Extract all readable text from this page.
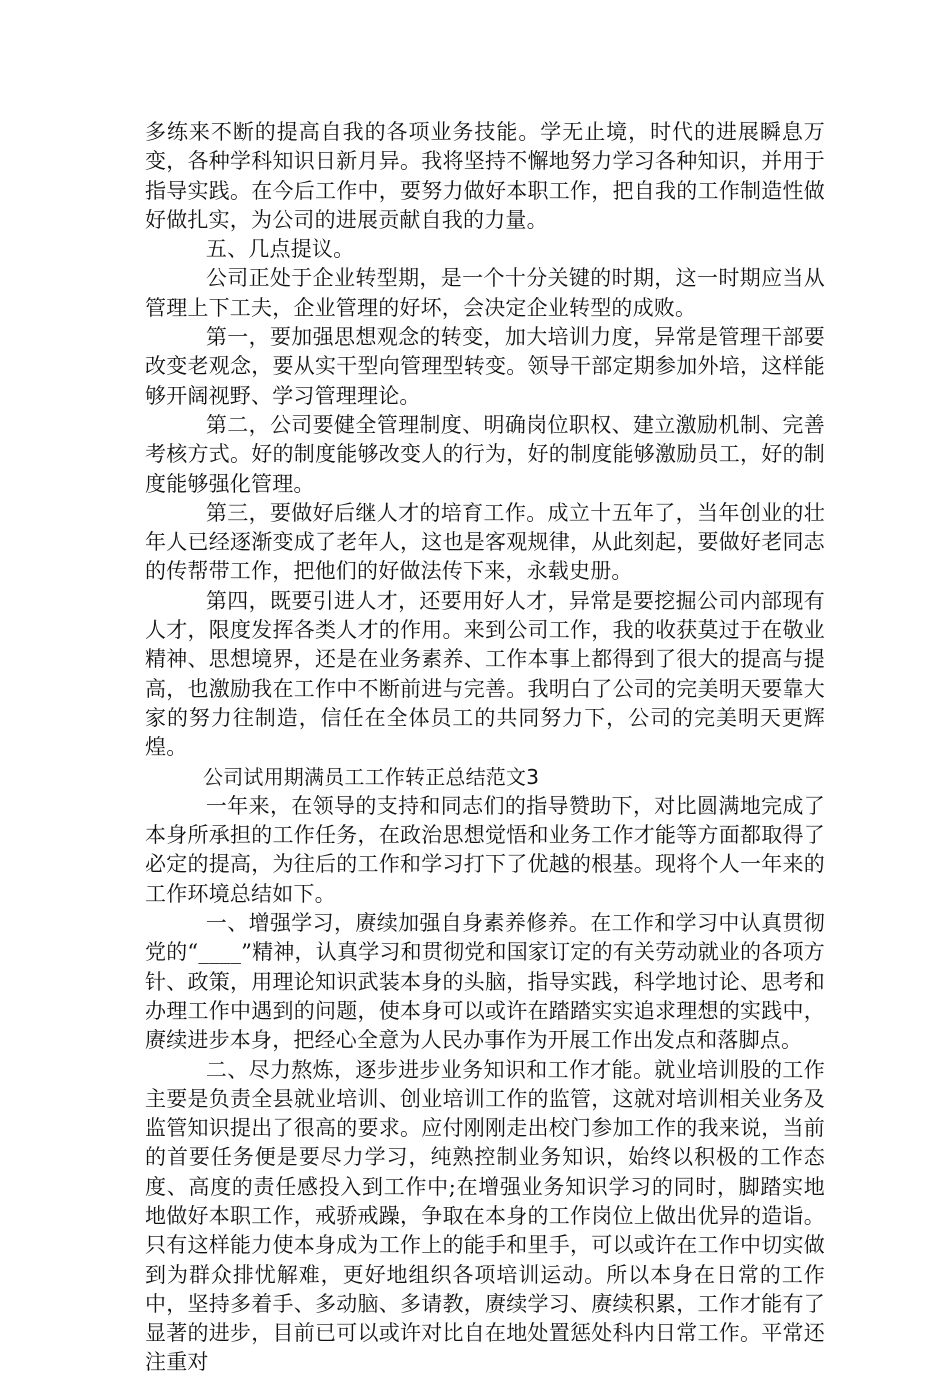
多练来不断的提高自我的各项业务技能。学无止境，时代的进展瞬息万变，各种学科知识日新月异。我将坚持不懈地努力学习各种知识，并用于指导实践。在今后工作中，要努力做好本职工作，把自我的工作制造性做好做扎实，为公司的进展贡献自我的力量。

五、几点提议。

公司正处于企业转型期，是一个十分关键的时期，这一时期应当从管理上下工夫，企业管理的好坏，会决定企业转型的成败。

第一，要加强思想观念的转变，加大培训力度，异常是管理干部要改变老观念，要从实干型向管理型转变。领导干部定期参加外培，这样能够开阔视野、学习管理理论。

第二，公司要健全管理制度、明确岗位职权、建立激励机制、完善考核方式。好的制度能够改变人的行为，好的制度能够激励员工，好的制度能够强化管理。

第三，要做好后继人才的培育工作。成立十五年了，当年创业的壮年人已经逐渐变成了老年人，这也是客观规律，从此刻起，要做好老同志的传帮带工作，把他们的好做法传下来，永载史册。

第四，既要引进人才，还要用好人才，异常是要挖掘公司内部现有人才，限度发挥各类人才的作用。来到公司工作，我的收获莫过于在敬业精神、思想境界，还是在业务素养、工作本事上都得到了很大的提高与提高，也激励我在工作中不断前进与完善。我明白了公司的完美明天要靠大家的努力往制造，信任在全体员工的共同努力下，公司的完美明天更辉煌。

公司试用期满员工工作转正总结范文3

一年来，在领导的支持和同志们的指导赞助下，对比圆满地完成了本身所承担的工作任务，在政治思想觉悟和业务工作才能等方面都取得了必定的提高，为往后的工作和学习打下了优越的根基。现将个人一年来的工作环境总结如下。

一、增强学习，赓续加强自身素养修养。在工作和学习中认真贯彻党的“____”精神，认真学习和贯彻党和国家订定的有关劳动就业的各项方针、政策，用理论知识武装本身的头脑，指导实践，科学地讨论、思考和办理工作中遇到的问题，使本身可以或许在踏踏实实追求理想的实践中，赓续进步本身，把经心全意为人民办事作为开展工作出发点和落脚点。

二、尽力熬炼，逐步进步业务知识和工作才能。就业培训股的工作主要是负责全县就业培训、创业培训工作的监管，这就对培训相关业务及监管知识提出了很高的要求。应付刚刚走出校门参加工作的我来说，当前的首要任务便是要尽力学习，纯熟控制业务知识，始终以积极的工作态度、高度的责任感投入到工作中;在增强业务知识学习的同时，脚踏实地地做好本职工作，戒骄戒躁，争取在本身的工作岗位上做出优异的造诣。只有这样能力使本身成为工作上的能手和里手，可以或许在工作中切实做到为群众排忧解难，更好地组织各项培训运动。所以本身在日常的工作中，坚持多着手、多动脑、多请教，赓续学习、赓续积累，工作才能有了显著的进步，目前已可以或许对比自在地处置惩处科内日常工作。平常还注重对
